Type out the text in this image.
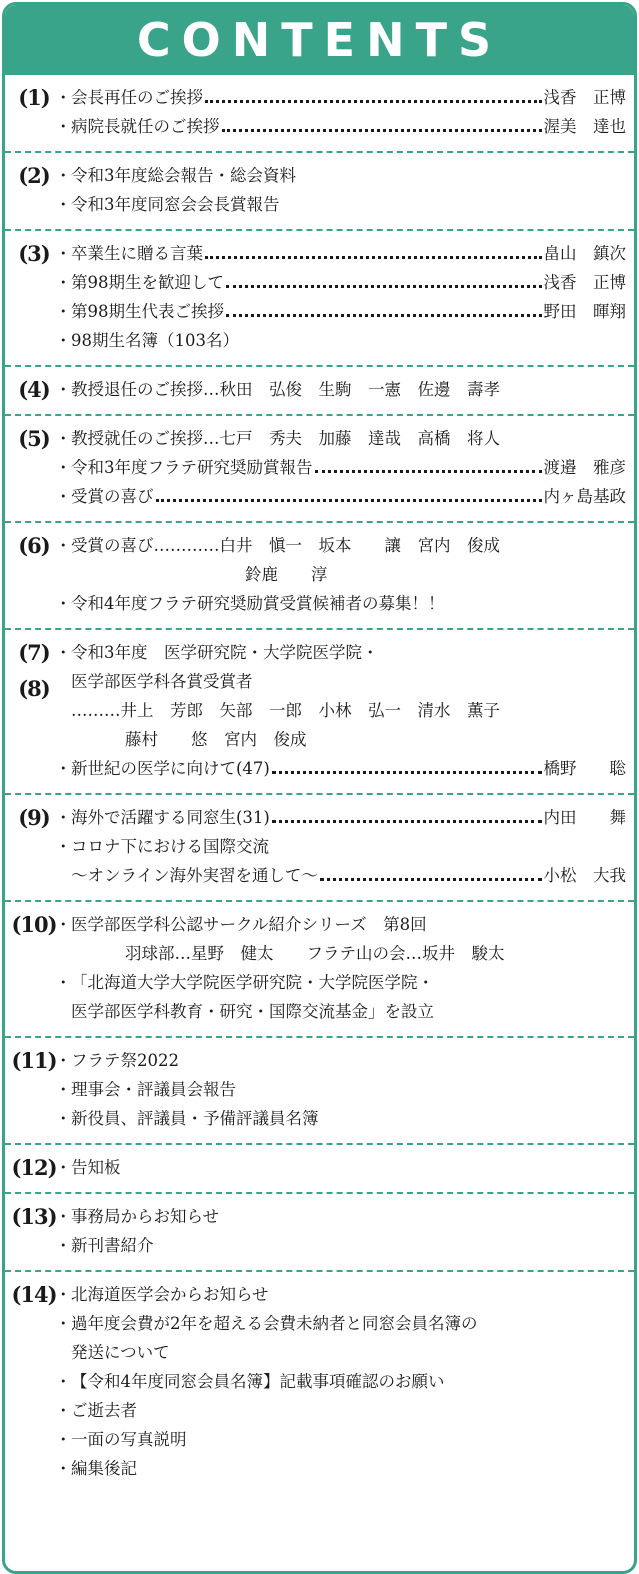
CONTENTS
(1) ・ 会長再任のご挨拶	浅香　正博
・ 病院長就任のご挨拶	渥美　達也
(2) ・ 令和3年度総会報告・総会資料
・ 令和3年度同窓会会長賞報告
(3) ・ 卒業生に贈る言葉	畠山　鎮次
・ 第98期生を歓迎して	浅香　正博
・ 第98期生代表ご挨拶	野田　暉翔
・ 98期生名簿（103名）
(4) ・ 教授退任のご挨拶…秋田　弘俊　生駒　一憲　佐邊　壽孝
(5) ・ 教授就任のご挨拶…七戸　秀夫　加藤　達哉　高橋　将人
・ 令和3年度フラテ研究奨励賞報告	渡邉　雅彦
・ 受賞の喜び	内ヶ島基政
(6) ・ 受賞の喜び…………白井　愼一　坂本　　讓　宮内　俊成
鈴鹿　　淳
・ 令和4年度フラテ研究奨励賞受賞候補者の募集！！
(7)
(8)
・ 令和3年度　医学研究院・大学院医学院・
医学部医学科各賞受賞者
………井上　芳郎　矢部　一郎　小林　弘一　清水　薫子
藤村　　悠　宮内　俊成
・ 新世紀の医学に向けて(47)	橋野　　聡
(9) ・ 海外で活躍する同窓生(31)	内田　　舞
・ コロナ下における国際交流
～オンライン海外実習を通して～	小松　大我
(10)
・ 医学部医学科公認サークル紹介シリーズ　第8回
羽球部…星野　健太　　フラテ山の会…坂井　駿太
・ 「北海道大学大学院医学研究院・大学院医学院・
医学部医学科教育・研究・国際交流基金」を設立
(11)
・ フラテ祭2022
・ 理事会・評議員会報告
・ 新役員、評議員・予備評議員名簿
(12)
・ 告知板
(13)
・ 事務局からお知らせ
・ 新刊書紹介
(14)
・ 北海道医学会からお知らせ
・ 過年度会費が2年を超える会費未納者と同窓会員名簿の
発送について
・ 【令和4年度同窓会員名簿】記載事項確認のお願い
・ ご逝去者
・ 一面の写真説明
・ 編集後記
